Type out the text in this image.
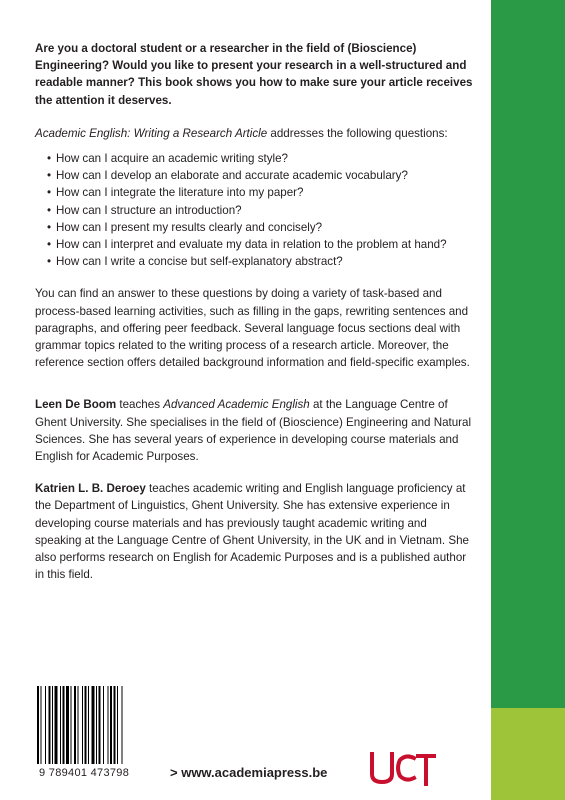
Are you a doctoral student or a researcher in the field of (Bioscience) Engineering? Would you like to present your research in a well-structured and readable manner? This book shows you how to make sure your article receives the attention it deserves.

Academic English: Writing a Research Article addresses the following questions:

• How can I acquire an academic writing style?
• How can I develop an elaborate and accurate academic vocabulary?
• How can I integrate the literature into my paper?
• How can I structure an introduction?
• How can I present my results clearly and concisely?
• How can I interpret and evaluate my data in relation to the problem at hand?
• How can I write a concise but self-explanatory abstract?

You can find an answer to these questions by doing a variety of task-based and process-based learning activities, such as filling in the gaps, rewriting sentences and paragraphs, and offering peer feedback. Several language focus sections deal with grammar topics related to the writing process of a research article. Moreover, the reference section offers detailed background information and field-specific examples.

Leen De Boom teaches Advanced Academic English at the Language Centre of Ghent University. She specialises in the field of (Bioscience) Engineering and Natural Sciences. She has several years of experience in developing course materials and English for Academic Purposes.

Katrien L. B. Deroey teaches academic writing and English language proficiency at the Department of Linguistics, Ghent University. She has extensive experience in developing course materials and has previously taught academic writing and speaking at the Language Centre of Ghent University, in the UK and in Vietnam. She also performs research on English for Academic Purposes and is a published author in this field.

9 789401 473798	> www.academiapress.be
